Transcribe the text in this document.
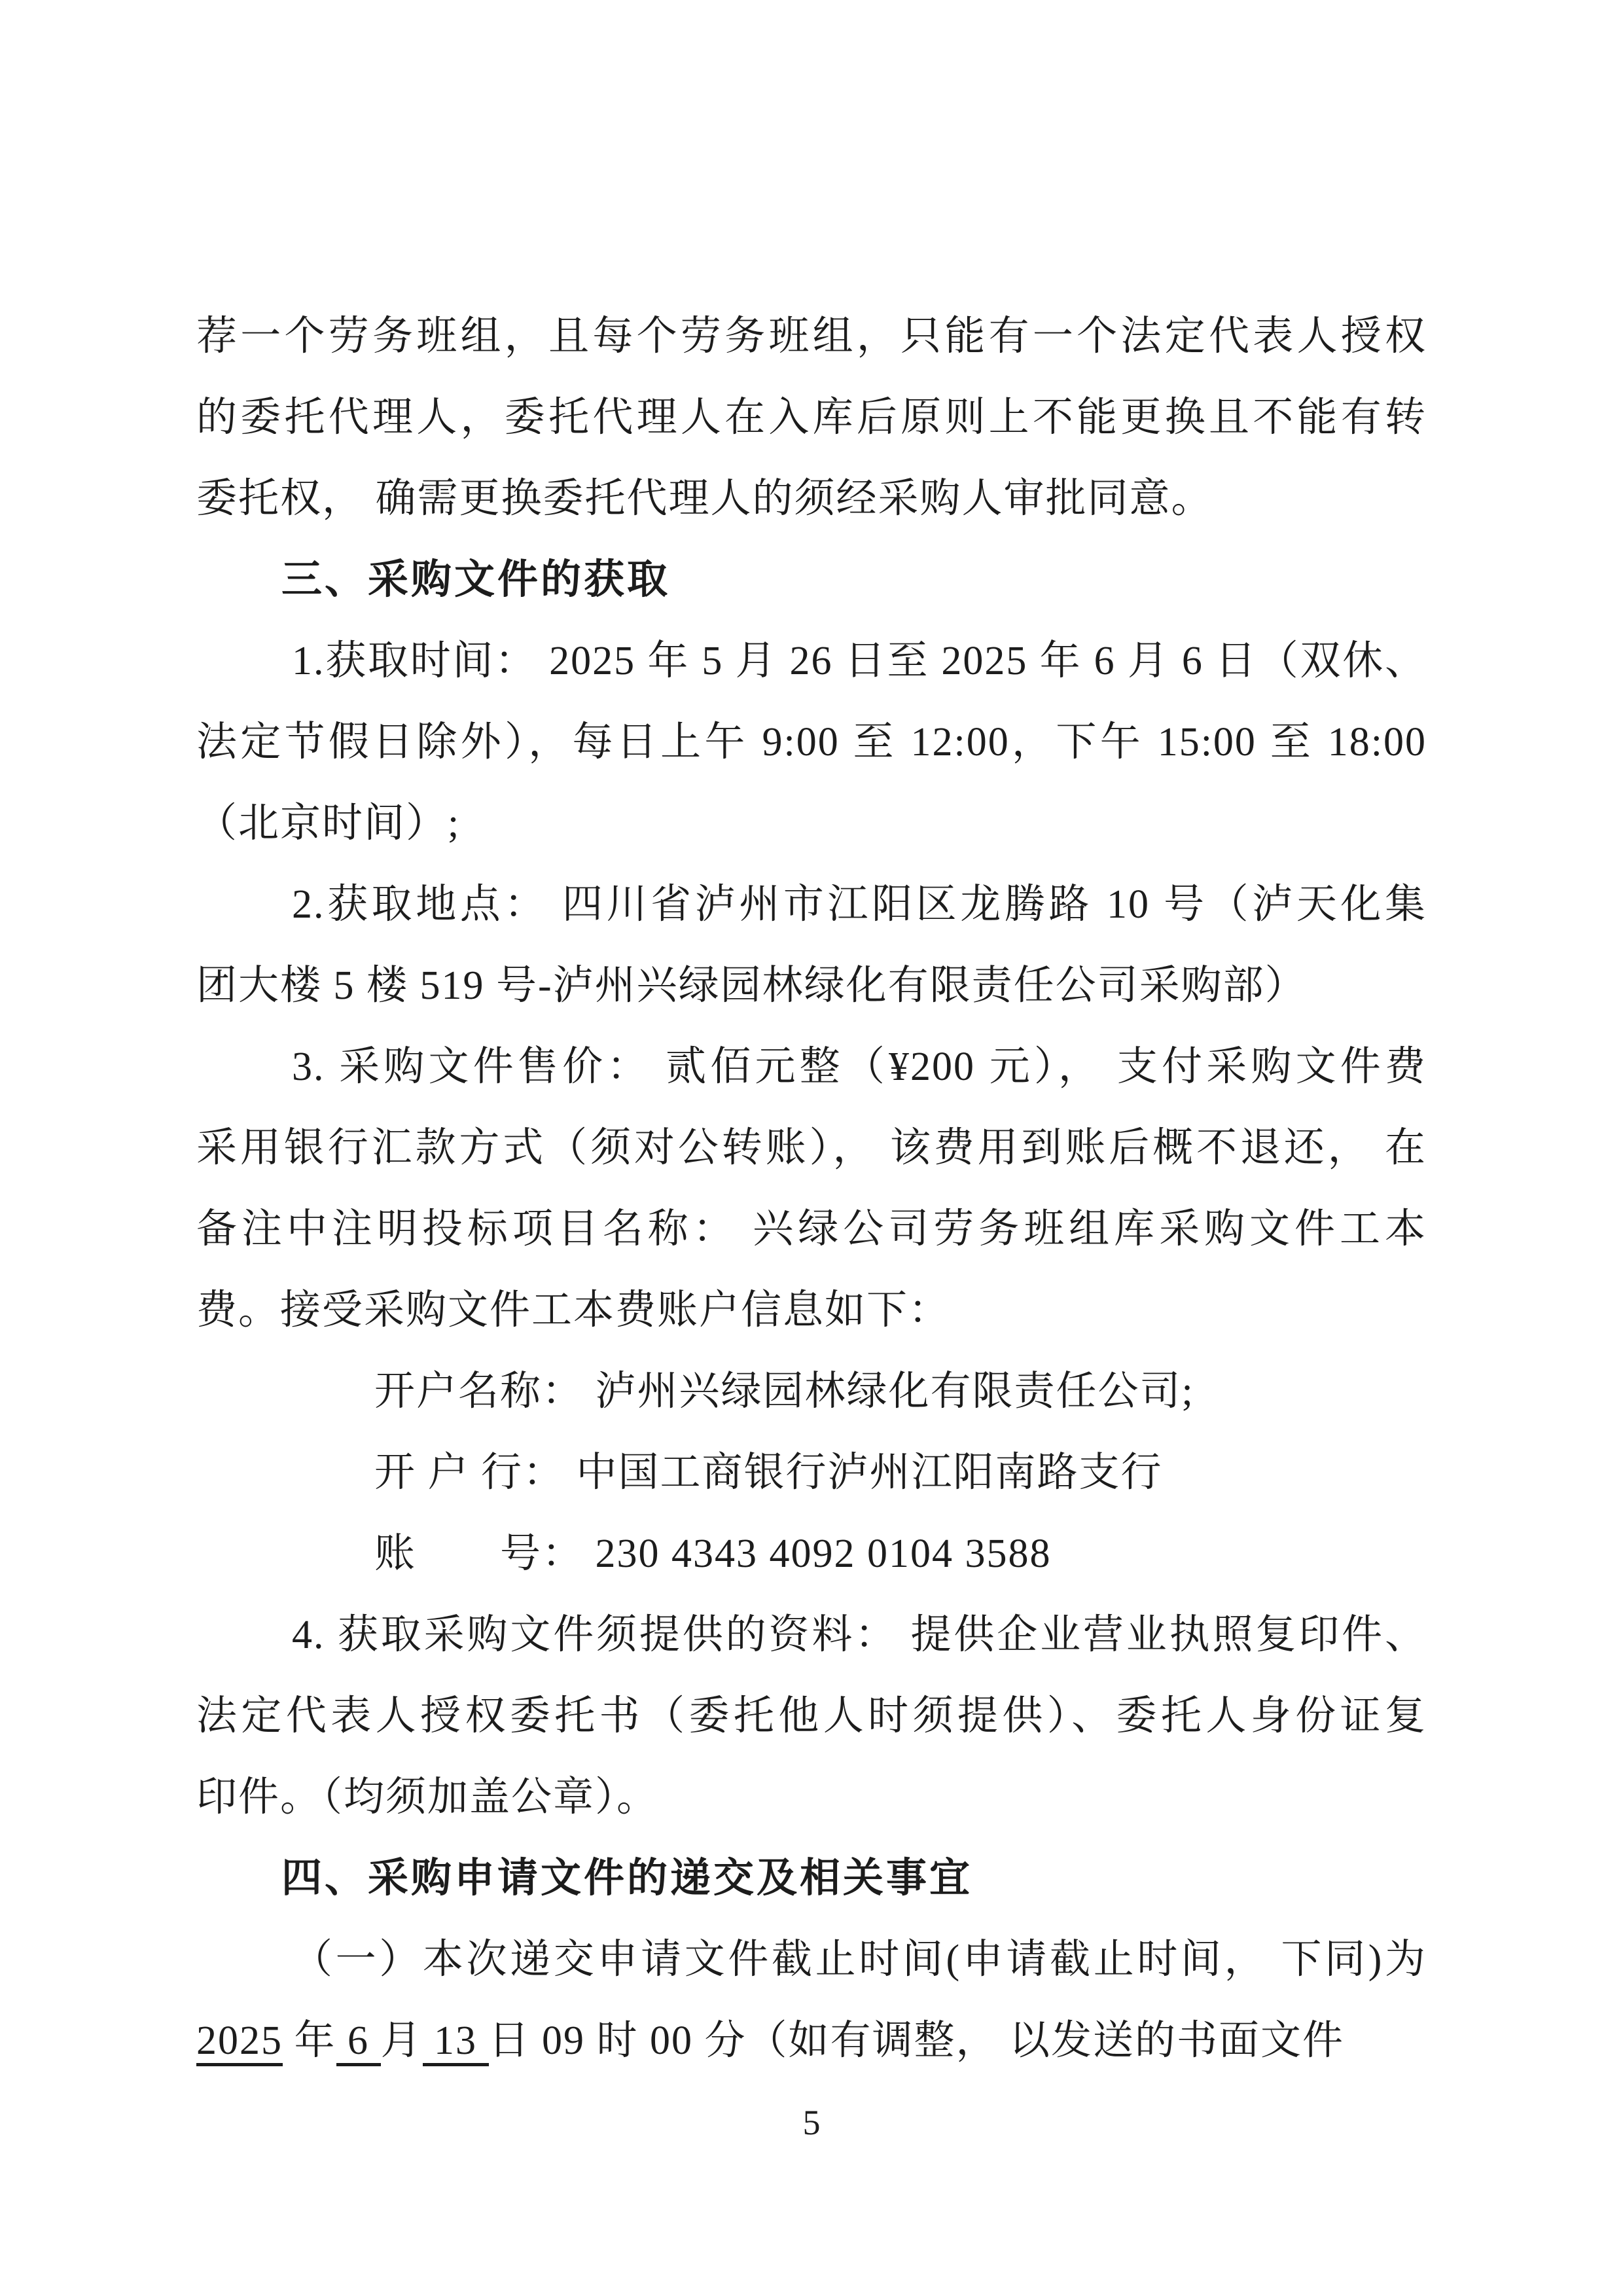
荐一个劳务班组，且每个劳务班组，只能有一个法定代表人授权
的委托代理人，委托代理人在入库后原则上不能更换且不能有转
委托权， 确需更换委托代理人的须经采购人审批同意。
三、采购文件的获取
1.获取时间： 2025 年 5 月 26 日至 2025 年 6 月 6 日（双休、
法定节假日除外），每日上午 9:00 至 12:00，下午 15:00 至 18:00
（北京时间）;
2.获取地点： 四川省泸州市江阳区龙腾路 10 号（泸天化集
团大楼 5 楼 519 号-泸州兴绿园林绿化有限责任公司采购部）
3. 采购文件售价： 贰佰元整（¥200 元）， 支付采购文件费
采用银行汇款方式（须对公转账）， 该费用到账后概不退还， 在
备注中注明投标项目名称： 兴绿公司劳务班组库采购文件工本
费。接受采购文件工本费账户信息如下：
开户名称： 泸州兴绿园林绿化有限责任公司;
开 户 行： 中国工商银行泸州江阳南路支行
账　　号： 230 4343 4092 0104 3588
4. 获取采购文件须提供的资料： 提供企业营业执照复印件、
法定代表人授权委托书（委托他人时须提供）、委托人身份证复
印件。（均须加盖公章）。
四、采购申请文件的递交及相关事宜
（一）本次递交申请文件截止时间(申请截止时间， 下同)为
2025 年 6 月 13 日 09 时 00 分（如有调整， 以发送的书面文件
5
